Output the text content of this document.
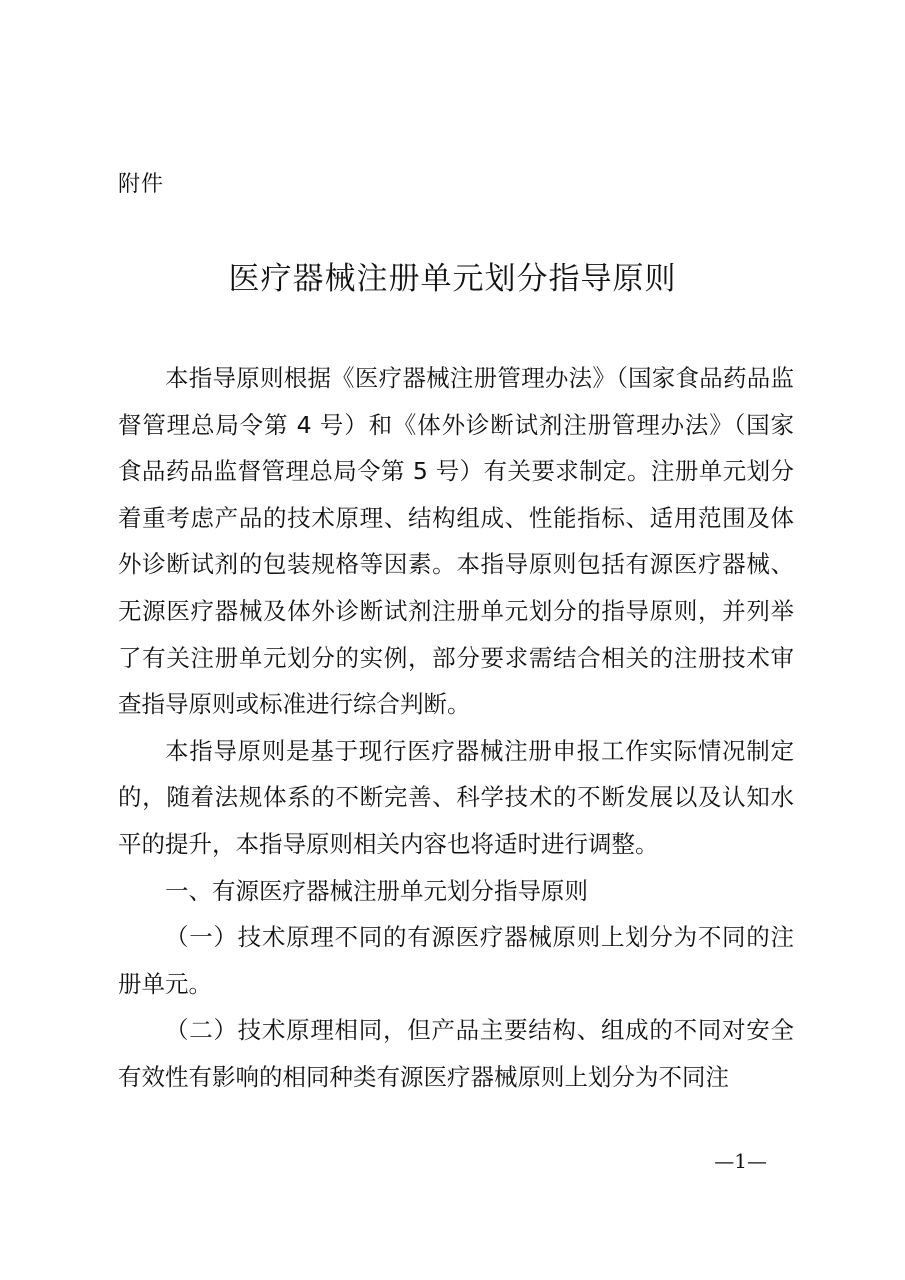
附件
医疗器械注册单元划分指导原则

本指导原则根据《医疗器械注册管理办法》（国家食品药品监督管理总局令第 4 号）和《体外诊断试剂注册管理办法》（国家食品药品监督管理总局令第 5 号）有关要求制定。注册单元划分着重考虑产品的技术原理、结构组成、性能指标、适用范围及体外诊断试剂的包装规格等因素。本指导原则包括有源医疗器械、无源医疗器械及体外诊断试剂注册单元划分的指导原则，并列举了有关注册单元划分的实例，部分要求需结合相关的注册技术审查指导原则或标准进行综合判断。

本指导原则是基于现行医疗器械注册申报工作实际情况制定的，随着法规体系的不断完善、科学技术的不断发展以及认知水平的提升，本指导原则相关内容也将适时进行调整。

一、有源医疗器械注册单元划分指导原则

（一）技术原理不同的有源医疗器械原则上划分为不同的注册单元。

（二）技术原理相同，但产品主要结构、组成的不同对安全有效性有影响的相同种类有源医疗器械原则上划分为不同注

—1—
